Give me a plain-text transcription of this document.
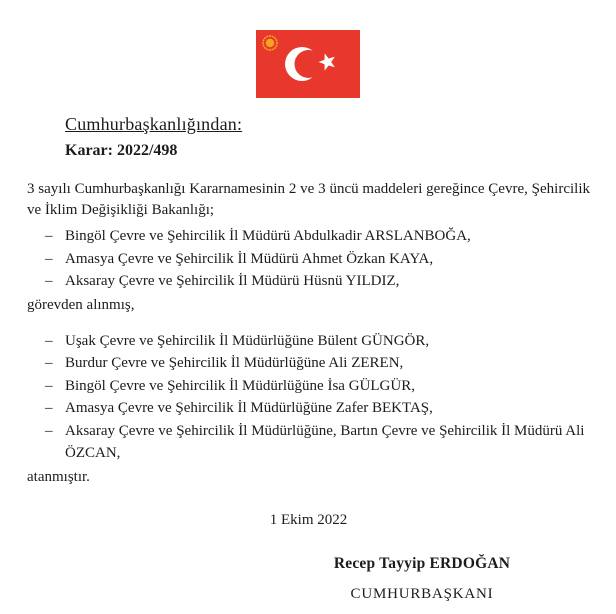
Cumhurbaşkanlığından:
Karar: 2022/498
3 sayılı Cumhurbaşkanlığı Kararnamesinin 2 ve 3 üncü maddeleri gereğince Çevre, Şehircilik ve İklim Değişikliği Bakanlığı;
– Bingöl Çevre ve Şehircilik İl Müdürü Abdulkadir ARSLANBOĞA,
– Amasya Çevre ve Şehircilik İl Müdürü Ahmet Özkan KAYA,
– Aksaray Çevre ve Şehircilik İl Müdürü Hüsnü YILDIZ,
görevden alınmış,
– Uşak Çevre ve Şehircilik İl Müdürlüğüne Bülent GÜNGÖR,
– Burdur Çevre ve Şehircilik İl Müdürlüğüne Ali ZEREN,
– Bingöl Çevre ve Şehircilik İl Müdürlüğüne İsa GÜLGÜR,
– Amasya Çevre ve Şehircilik İl Müdürlüğüne Zafer BEKTAŞ,
– Aksaray Çevre ve Şehircilik İl Müdürlüğüne, Bartın Çevre ve Şehircilik İl Müdürü Ali ÖZCAN,
atanmıştır.
1 Ekim 2022
Recep Tayyip ERDOĞAN
CUMHURBAŞKANI
